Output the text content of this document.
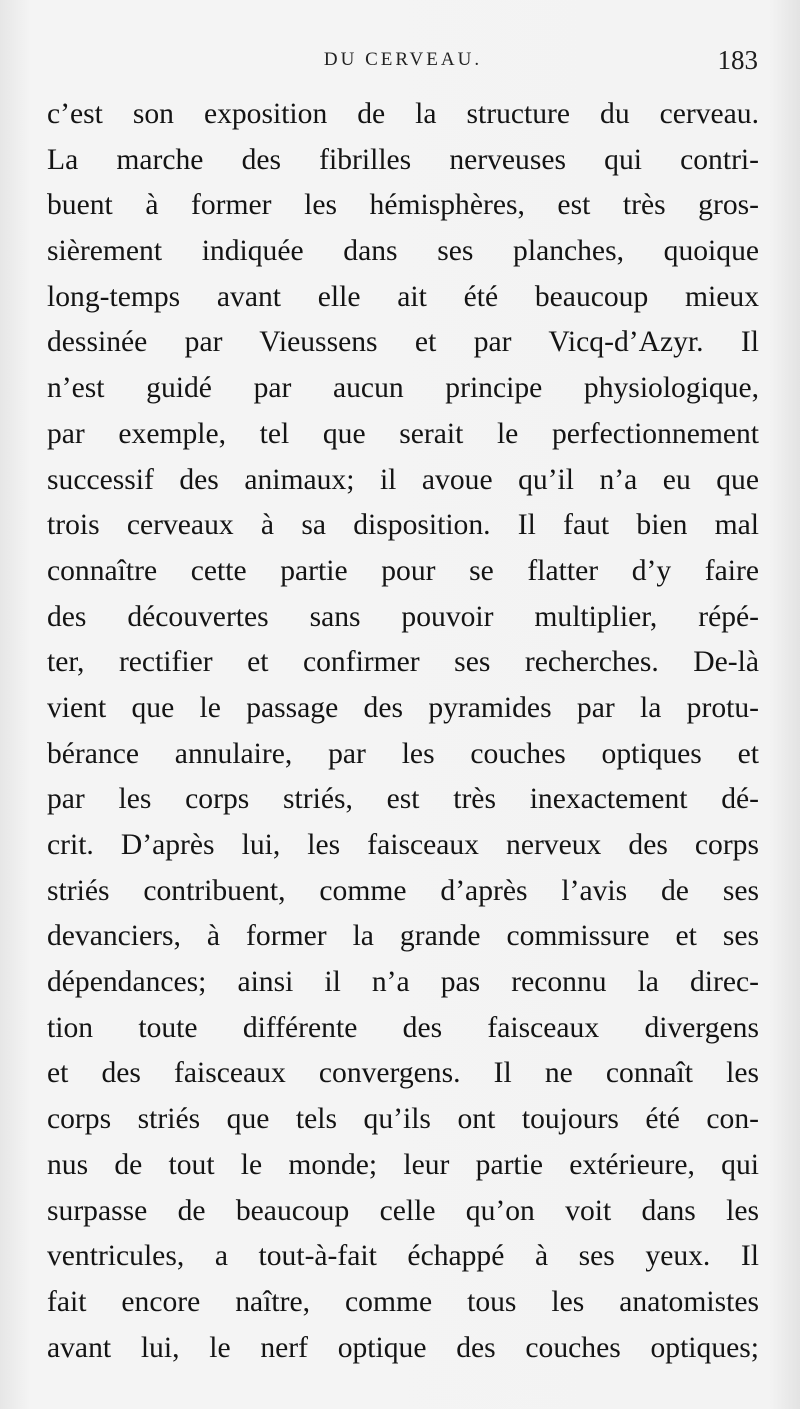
DU CERVEAU.	183
c’est son exposition de la structure du cerveau.
La marche des fibrilles nerveuses qui contri-
buent à former les hémisphères, est très gros-
sièrement indiquée dans ses planches, quoique
long-temps avant elle ait été beaucoup mieux
dessinée par Vieussens et par Vicq-d’Azyr. Il
n’est guidé par aucun principe physiologique,
par exemple, tel que serait le perfectionnement
successif des animaux; il avoue qu’il n’a eu que
trois cerveaux à sa disposition. Il faut bien mal
connaître cette partie pour se flatter d’y faire
des découvertes sans pouvoir multiplier, répé-
ter, rectifier et confirmer ses recherches. De-là
vient que le passage des pyramides par la protu-
bérance annulaire, par les couches optiques et
par les corps striés, est très inexactement dé-
crit. D’après lui, les faisceaux nerveux des corps
striés contribuent, comme d’après l’avis de ses
devanciers, à former la grande commissure et ses
dépendances; ainsi il n’a pas reconnu la direc-
tion toute différente des faisceaux divergens
et des faisceaux convergens. Il ne connaît les
corps striés que tels qu’ils ont toujours été con-
nus de tout le monde; leur partie extérieure, qui
surpasse de beaucoup celle qu’on voit dans les
ventricules, a tout-à-fait échappé à ses yeux. Il
fait encore naître, comme tous les anatomistes
avant lui, le nerf optique des couches optiques;
